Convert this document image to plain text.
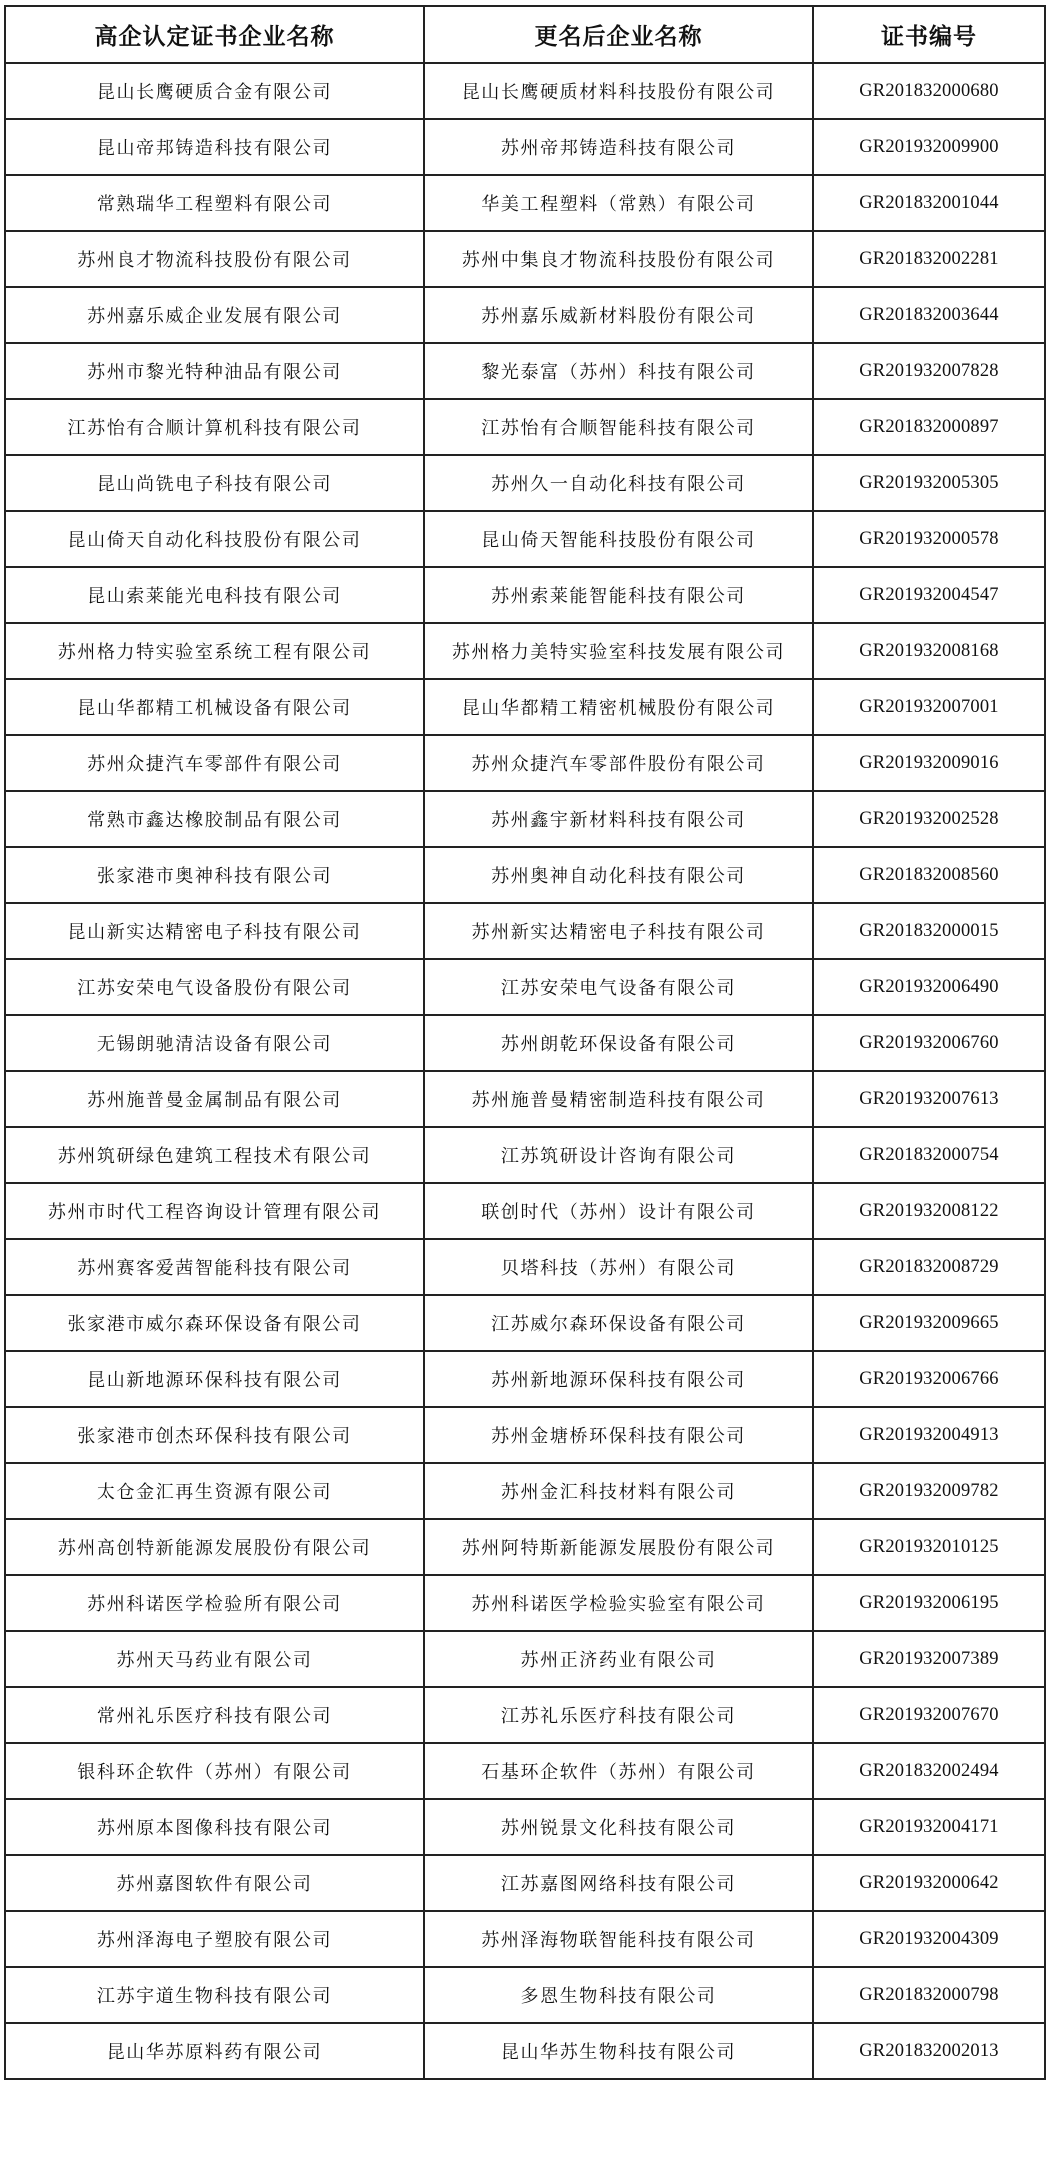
高企认定证书企业名称	更名后企业名称	证书编号
昆山长鹰硬质合金有限公司	昆山长鹰硬质材料科技股份有限公司	GR201832000680
昆山帝邦铸造科技有限公司	苏州帝邦铸造科技有限公司	GR201932009900
常熟瑞华工程塑料有限公司	华美工程塑料（常熟）有限公司	GR201832001044
苏州良才物流科技股份有限公司	苏州中集良才物流科技股份有限公司	GR201832002281
苏州嘉乐威企业发展有限公司	苏州嘉乐威新材料股份有限公司	GR201832003644
苏州市黎光特种油品有限公司	黎光泰富（苏州）科技有限公司	GR201932007828
江苏怡有合顺计算机科技有限公司	江苏怡有合顺智能科技有限公司	GR201832000897
昆山尚铣电子科技有限公司	苏州久一自动化科技有限公司	GR201932005305
昆山倚天自动化科技股份有限公司	昆山倚天智能科技股份有限公司	GR201932000578
昆山索莱能光电科技有限公司	苏州索莱能智能科技有限公司	GR201932004547
苏州格力特实验室系统工程有限公司	苏州格力美特实验室科技发展有限公司	GR201932008168
昆山华都精工机械设备有限公司	昆山华都精工精密机械股份有限公司	GR201932007001
苏州众捷汽车零部件有限公司	苏州众捷汽车零部件股份有限公司	GR201932009016
常熟市鑫达橡胶制品有限公司	苏州鑫宇新材料科技有限公司	GR201932002528
张家港市奥神科技有限公司	苏州奥神自动化科技有限公司	GR201832008560
昆山新实达精密电子科技有限公司	苏州新实达精密电子科技有限公司	GR201832000015
江苏安荣电气设备股份有限公司	江苏安荣电气设备有限公司	GR201932006490
无锡朗驰清洁设备有限公司	苏州朗乾环保设备有限公司	GR201932006760
苏州施普曼金属制品有限公司	苏州施普曼精密制造科技有限公司	GR201932007613
苏州筑研绿色建筑工程技术有限公司	江苏筑研设计咨询有限公司	GR201832000754
苏州市时代工程咨询设计管理有限公司	联创时代（苏州）设计有限公司	GR201932008122
苏州赛客爱茜智能科技有限公司	贝塔科技（苏州）有限公司	GR201832008729
张家港市威尔森环保设备有限公司	江苏威尔森环保设备有限公司	GR201932009665
昆山新地源环保科技有限公司	苏州新地源环保科技有限公司	GR201932006766
张家港市创杰环保科技有限公司	苏州金塘桥环保科技有限公司	GR201932004913
太仓金汇再生资源有限公司	苏州金汇科技材料有限公司	GR201932009782
苏州高创特新能源发展股份有限公司	苏州阿特斯新能源发展股份有限公司	GR201932010125
苏州科诺医学检验所有限公司	苏州科诺医学检验实验室有限公司	GR201932006195
苏州天马药业有限公司	苏州正济药业有限公司	GR201932007389
常州礼乐医疗科技有限公司	江苏礼乐医疗科技有限公司	GR201932007670
银科环企软件（苏州）有限公司	石基环企软件（苏州）有限公司	GR201832002494
苏州原本图像科技有限公司	苏州锐景文化科技有限公司	GR201932004171
苏州嘉图软件有限公司	江苏嘉图网络科技有限公司	GR201932000642
苏州泽海电子塑胶有限公司	苏州泽海物联智能科技有限公司	GR201932004309
江苏宇道生物科技有限公司	多恩生物科技有限公司	GR201832000798
昆山华苏原料药有限公司	昆山华苏生物科技有限公司	GR201832002013
